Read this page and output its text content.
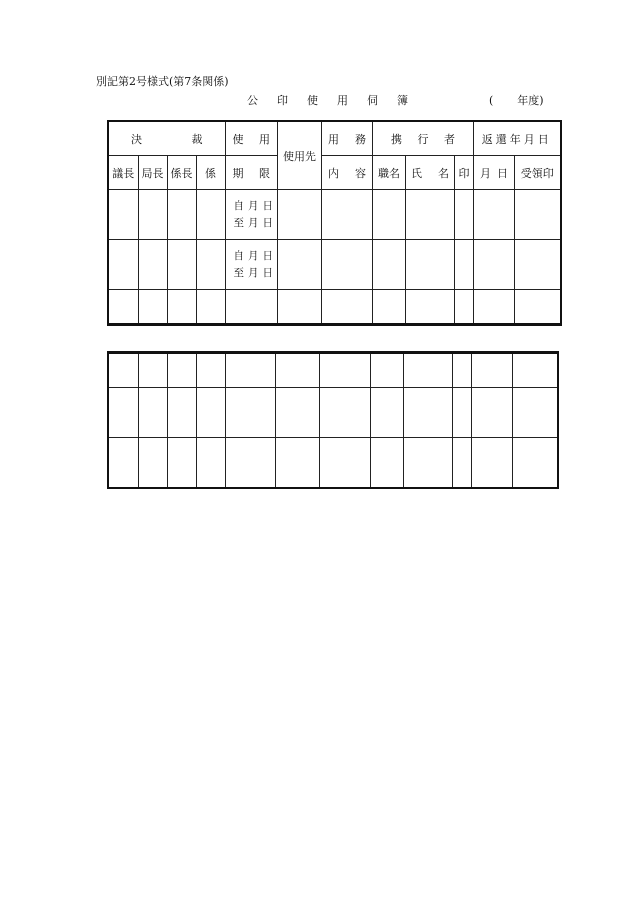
別記第2号様式(第7条関係)
公 印 使 用 伺 簿	( 年度)
決 裁				使 用	使用先	用 務	携 行 者			返還年月日	
議長	局長	係長	係	期 限		内 容	職名	氏 名	印	月 日	受領印

				自 月 日
至 月 日							

				自 月 日
至 月 日							
